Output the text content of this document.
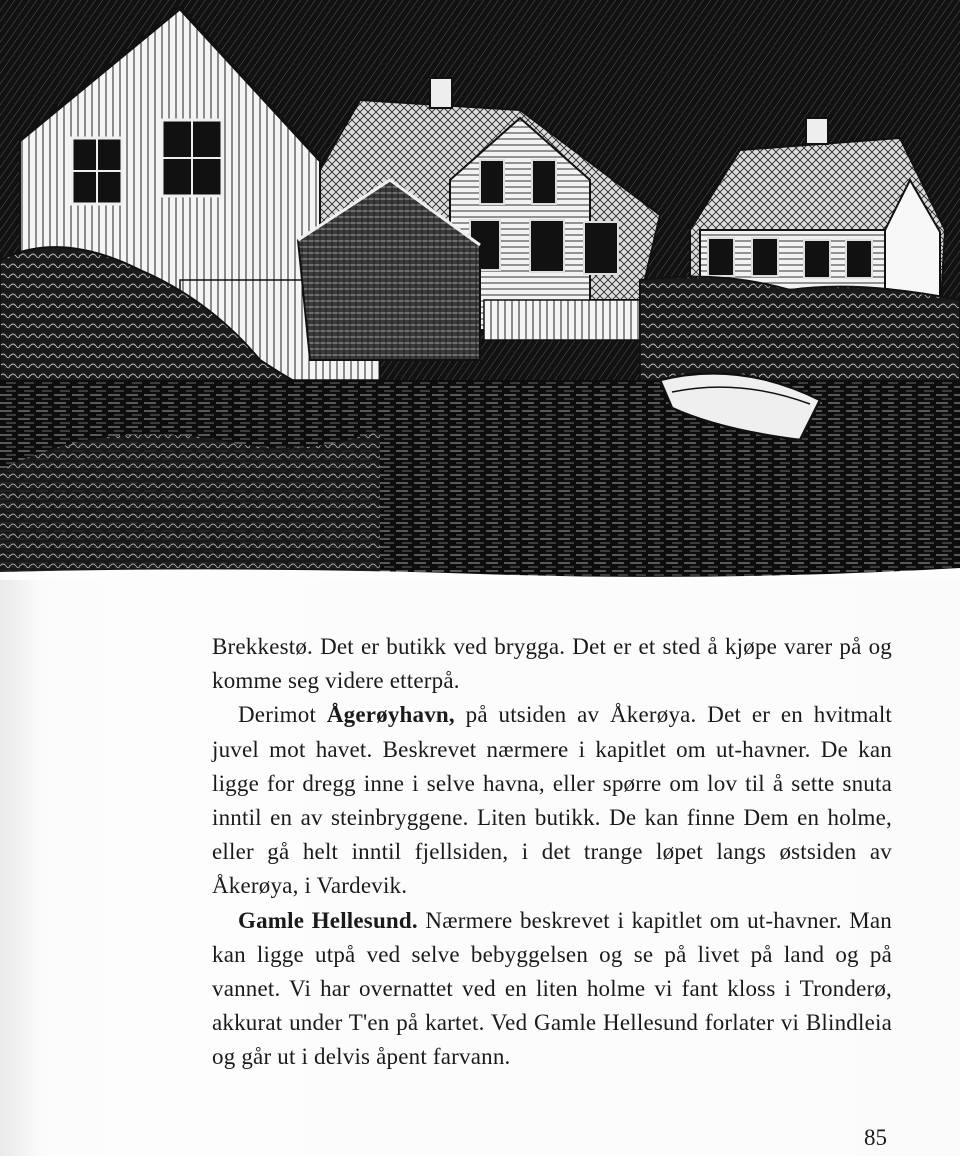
Brekkestø. Det er butikk ved brygga. Det er et sted å kjøpe varer på og komme seg videre etterpå.

Derimot Ågerøyhavn, på utsiden av Åkerøya. Det er en hvitmalt juvel mot havet. Beskrevet nærmere i kapitlet om ut-havner. De kan ligge for dregg inne i selve havna, eller spørre om lov til å sette snuta inntil en av steinbryggene. Liten butikk. De kan finne Dem en holme, eller gå helt inntil fjellsiden, i det trange løpet langs østsiden av Åkerøya, i Vardevik.

Gamle Hellesund. Nærmere beskrevet i kapitlet om ut-havner. Man kan ligge utpå ved selve bebyggelsen og se på livet på land og på vannet. Vi har overnattet ved en liten holme vi fant kloss i Tronderø, akkurat under T'en på kartet. Ved Gamle Hellesund forlater vi Blindleia og går ut i delvis åpent farvann.

85
